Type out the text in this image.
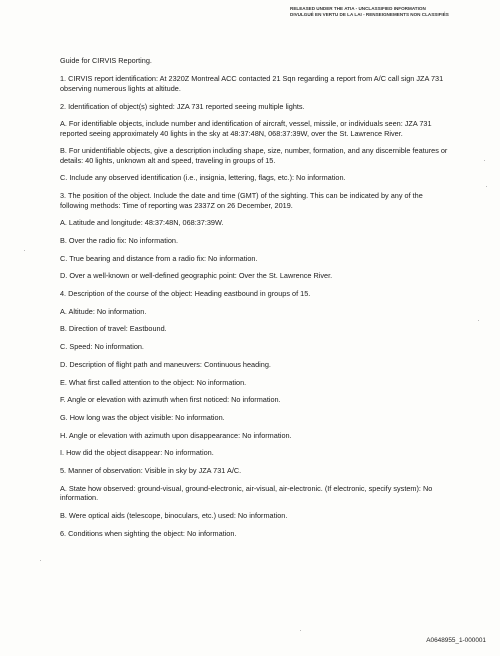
RELEASED UNDER THE ATIA - UNCLASSIFIED INFORMATION
DIVULGUÉ EN VERTU DE LA LAI - RENSEIGNEMENTS NON CLASSIFIÉS
Guide for CIRVIS Reporting.
1. CIRVIS report identification: At 2320Z Montreal ACC contacted 21 Sqn regarding a report from A/C call sign JZA 731 observing numerous lights at altitude.
2. Identification of object(s) sighted: JZA 731 reported seeing multiple lights.
A. For identifiable objects, include number and identification of aircraft, vessel, missile, or individuals seen: JZA 731 reported seeing approximately 40 lights in the sky at 48:37:48N, 068:37:39W, over the St. Lawrence River.
B. For unidentifiable objects, give a description including shape, size, number, formation, and any discernible features or details: 40 lights, unknown alt and speed, traveling in groups of 15.
C. Include any observed identification (i.e., insignia, lettering, flags, etc.): No information.
3. The position of the object. Include the date and time (GMT) of the sighting. This can be indicated by any of the following methods: Time of reporting was 2337Z on 26 December, 2019.
A. Latitude and longitude: 48:37:48N, 068:37:39W.
B. Over the radio fix: No information.
C. True bearing and distance from a radio fix: No information.
D. Over a well-known or well-defined geographic point: Over the St. Lawrence River.
4. Description of the course of the object: Heading eastbound in groups of 15.
A. Altitude: No information.
B. Direction of travel: Eastbound.
C. Speed: No information.
D. Description of flight path and maneuvers: Continuous heading.
E. What first called attention to the object: No information.
F. Angle or elevation with azimuth when first noticed: No information.
G. How long was the object visible: No information.
H. Angle or elevation with azimuth upon disappearance: No information.
I. How did the object disappear: No information.
5. Manner of observation: Visible in sky by JZA 731 A/C.
A. State how observed: ground-visual, ground-electronic, air-visual, air-electronic. (If electronic, specify system): No information.
B. Were optical aids (telescope, binoculars, etc.) used: No information.
6. Conditions when sighting the object: No information.
A0648955_1-000001
